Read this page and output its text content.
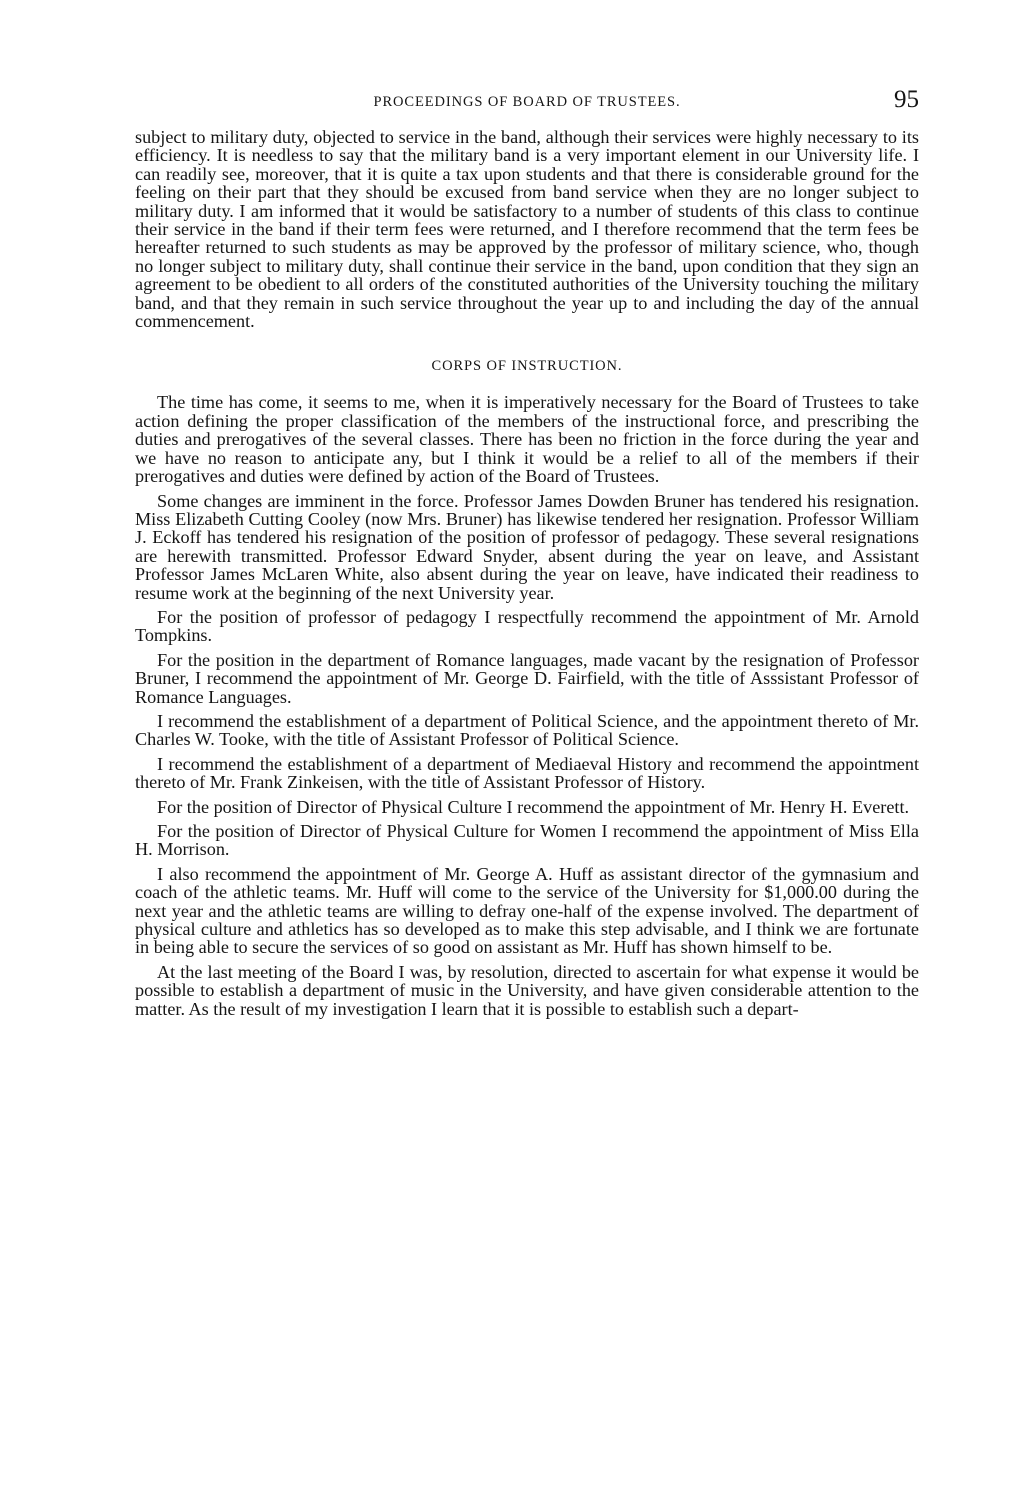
PROCEEDINGS OF BOARD OF TRUSTEES.	95

subject to military duty, objected to service in the band, although their services were highly necessary to its efficiency. It is needless to say that the military band is a very important element in our University life. I can readily see, moreover, that it is quite a tax upon students and that there is considerable ground for the feeling on their part that they should be excused from band service when they are no longer subject to military duty. I am informed that it would be satisfactory to a number of students of this class to continue their service in the band if their term fees were returned, and I therefore recommend that the term fees be hereafter returned to such students as may be approved by the professor of military science, who, though no longer subject to military duty, shall continue their service in the band, upon condition that they sign an agreement to be obedient to all orders of the constituted authorities of the University touching the military band, and that they remain in such service throughout the year up to and including the day of the annual commencement.

CORPS OF INSTRUCTION.

The time has come, it seems to me, when it is imperatively necessary for the Board of Trustees to take action defining the proper classification of the members of the instructional force, and prescribing the duties and prerogatives of the several classes. There has been no friction in the force during the year and we have no reason to anticipate any, but I think it would be a relief to all of the members if their prerogatives and duties were defined by action of the Board of Trustees.

Some changes are imminent in the force. Professor James Dowden Bruner has tendered his resignation. Miss Elizabeth Cutting Cooley (now Mrs. Bruner) has likewise tendered her resignation. Professor William J. Eckoff has tendered his resignation of the position of professor of pedagogy. These several resignations are herewith transmitted. Professor Edward Snyder, absent during the year on leave, and Assistant Professor James McLaren White, also absent during the year on leave, have indicated their readiness to resume work at the beginning of the next University year.

For the position of professor of pedagogy I respectfully recommend the appointment of Mr. Arnold Tompkins.

For the position in the department of Romance languages, made vacant by the resignation of Professor Bruner, I recommend the appointment of Mr. George D. Fairfield, with the title of Asssistant Professor of Romance Languages.

I recommend the establishment of a department of Political Science, and the appointment thereto of Mr. Charles W. Tooke, with the title of Assistant Professor of Political Science.

I recommend the establishment of a department of Mediaeval History and recommend the appointment thereto of Mr. Frank Zinkeisen, with the title of Assistant Professor of History.

For the position of Director of Physical Culture I recommend the appointment of Mr. Henry H. Everett.

For the position of Director of Physical Culture for Women I recommend the appointment of Miss Ella H. Morrison.

I also recommend the appointment of Mr. George A. Huff as assistant director of the gymnasium and coach of the athletic teams. Mr. Huff will come to the service of the University for $1,000.00 during the next year and the athletic teams are willing to defray one-half of the expense involved. The department of physical culture and athletics has so developed as to make this step advisable, and I think we are fortunate in being able to secure the services of so good on assistant as Mr. Huff has shown himself to be.

At the last meeting of the Board I was, by resolution, directed to ascertain for what expense it would be possible to establish a department of music in the University, and have given considerable attention to the matter. As the result of my investigation I learn that it is possible to establish such a depart-
